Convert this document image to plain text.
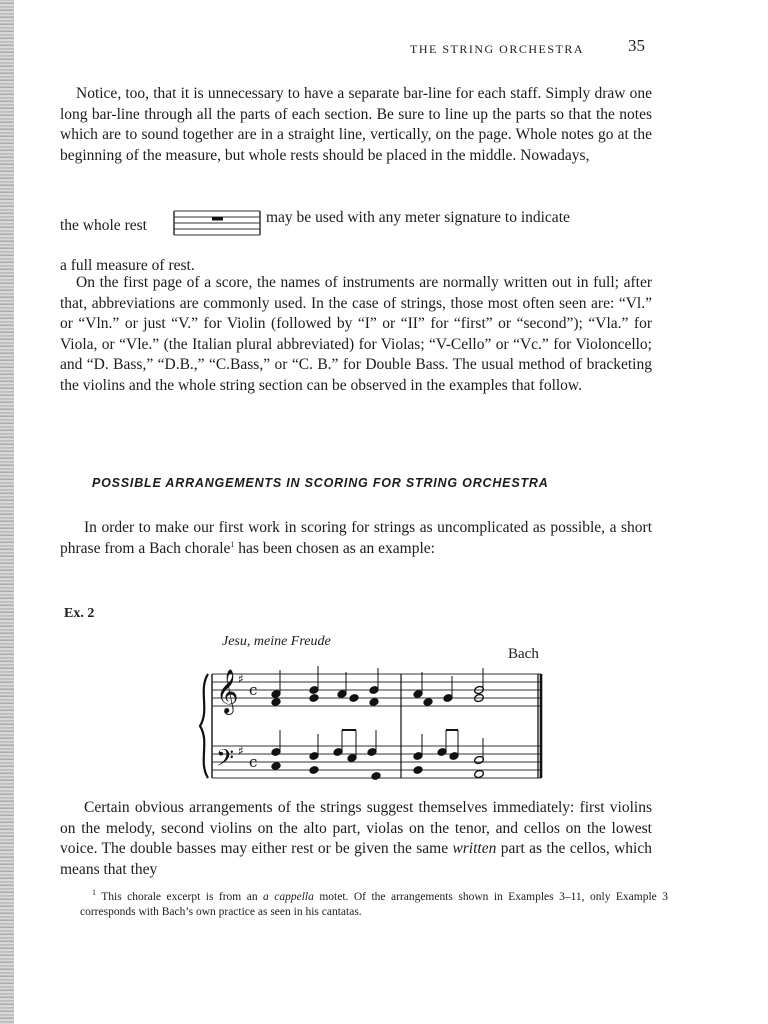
THE STRING ORCHESTRA	35

Notice, too, that it is unnecessary to have a separate bar-line for each staff. Simply draw one long bar-line through all the parts of each section. Be sure to line up the parts so that the notes which are to sound together are in a straight line, vertically, on the page. Whole notes go at the beginning of the measure, but whole rests should be placed in the middle. Nowadays,

the whole rest	may be used with any meter signature to indicate

a full measure of rest.

On the first page of a score, the names of instruments are normally written out in full; after that, abbreviations are commonly used. In the case of strings, those most often seen are: “Vl.” or “Vln.” or just “V.” for Violin (followed by “I” or “II” for “first” or “second”); “Vla.” for Viola, or “Vle.” (the Italian plural abbreviated) for Violas; “V-Cello” or “Vc.” for Violoncello; and “D. Bass,” “D.B.,” “C.Bass,” or “C. B.” for Double Bass. The usual method of bracketing the violins and the whole string section can be observed in the examples that follow.

POSSIBLE ARRANGEMENTS IN SCORING FOR STRING ORCHESTRA

In order to make our first work in scoring for strings as uncomplicated as possible, a short phrase from a Bach chorale$^1$ has been chosen as an example:

Ex. 2
Jesu, meine Freude
Bach
𝄞
𝄢
♯
♯
c
c

Certain obvious arrangements of the strings suggest themselves immediately: first violins on the melody, second violins on the alto part, violas on the tenor, and cellos on the lowest voice. The double basses may either rest or be given the same written part as the cellos, which means that they

$^1$ This chorale excerpt is from an a cappella motet. Of the arrangements shown in Examples 3–11, only Example 3 corresponds with Bach’s own practice as seen in his cantatas.
